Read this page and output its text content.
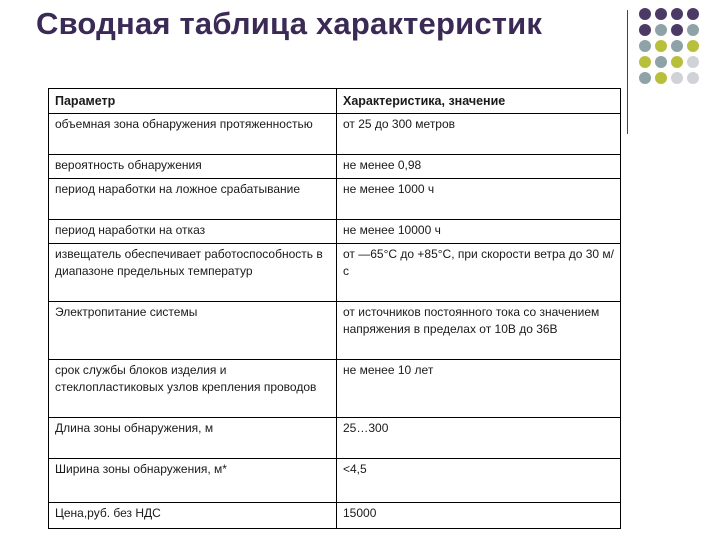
Сводная таблица характеристик
Параметр	Характеристика, значение
объемная зона обнаружения протяженностью	от 25 до 300 метров
вероятность обнаружения	не менее 0,98
период наработки на ложное срабатывание	не менее 1000 ч
период наработки на отказ	не менее 10000 ч
извещатель обеспечивает работоспособность в диапазоне предельных температур	от —65°С до +85°С, при скорости ветра до 30 м/с
Электропитание системы	от источников постоянного тока со значением напряжения в пределах от 10В до 36В
срок службы блоков изделия и стеклопластиковых узлов крепления проводов	не менее 10 лет
Длина зоны обнаружения, м	25…300
Ширина зоны обнаружения, м*	<4,5
Цена,руб. без НДС	15000
